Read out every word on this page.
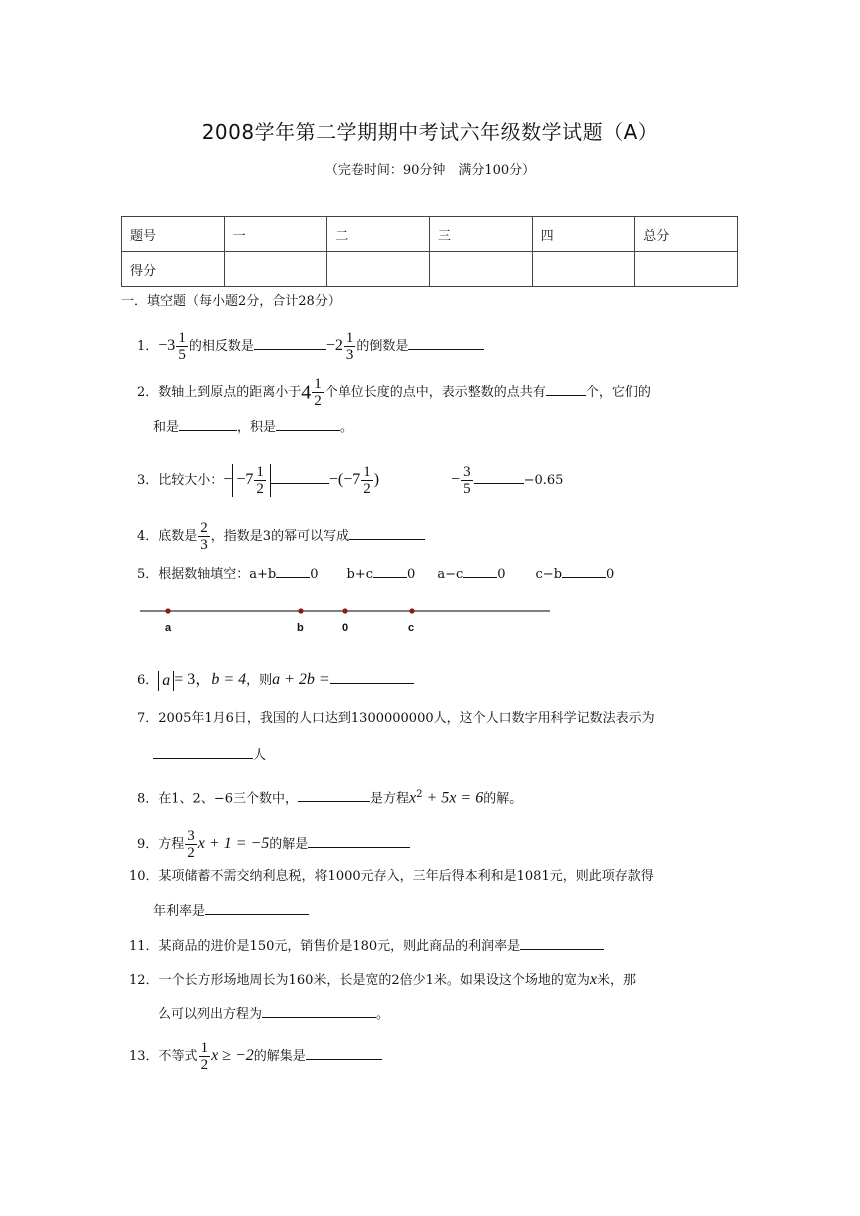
2008学年第二学期期中考试六年级数学试题（A）
（完卷时间：90分钟　满分100分）
题号	一	二	三	四	总分
得分					
一．填空题（每小题2分，合计28分）
1．$-3 \frac{1}{5}$ 的相反数是	$-2 \frac{1}{3}$ 的倒数是
2．数轴上到原点的距离小于$4 \frac{1}{2}$ 个单位长度的点中，表示整数的点共有	个，它们的
和是	，积是	。
3．比较大小：− $-7 \frac{1}{2}$	$-(-7 \frac{1}{2}$ )	− $\frac{3}{5}$	−0.65
4．底数是 $\frac{2}{3}$ ，指数是3的幂可以写成
5．根据数轴填空：a+b	0 b+c	0 a−c	0 c−b	0
a	b	0	c
6． a = 3，b = 4，则a + 2b =
7．2005年1月6日，我国的人口达到1300000000人，这个人口数字用科学记数法表示为
人
8．在1、2、−6三个数中，	是方程$x^2 + 5x = 6$的解。
9．方程 $\frac{3}{2}$ x + 1 = −5的解是
10．某项储蓄不需交纳利息税，将1000元存入，三年后得本利和是1081元，则此项存款得
年利率是
11．某商品的进价是150元，销售价是180元，则此商品的利润率是
12．一个长方形场地周长为160米，长是宽的2倍少1米。如果设这个场地的宽为x米，那
么可以列出方程为	。
13．不等式 $\frac{1}{2}$ x ≥ −2的解集是
